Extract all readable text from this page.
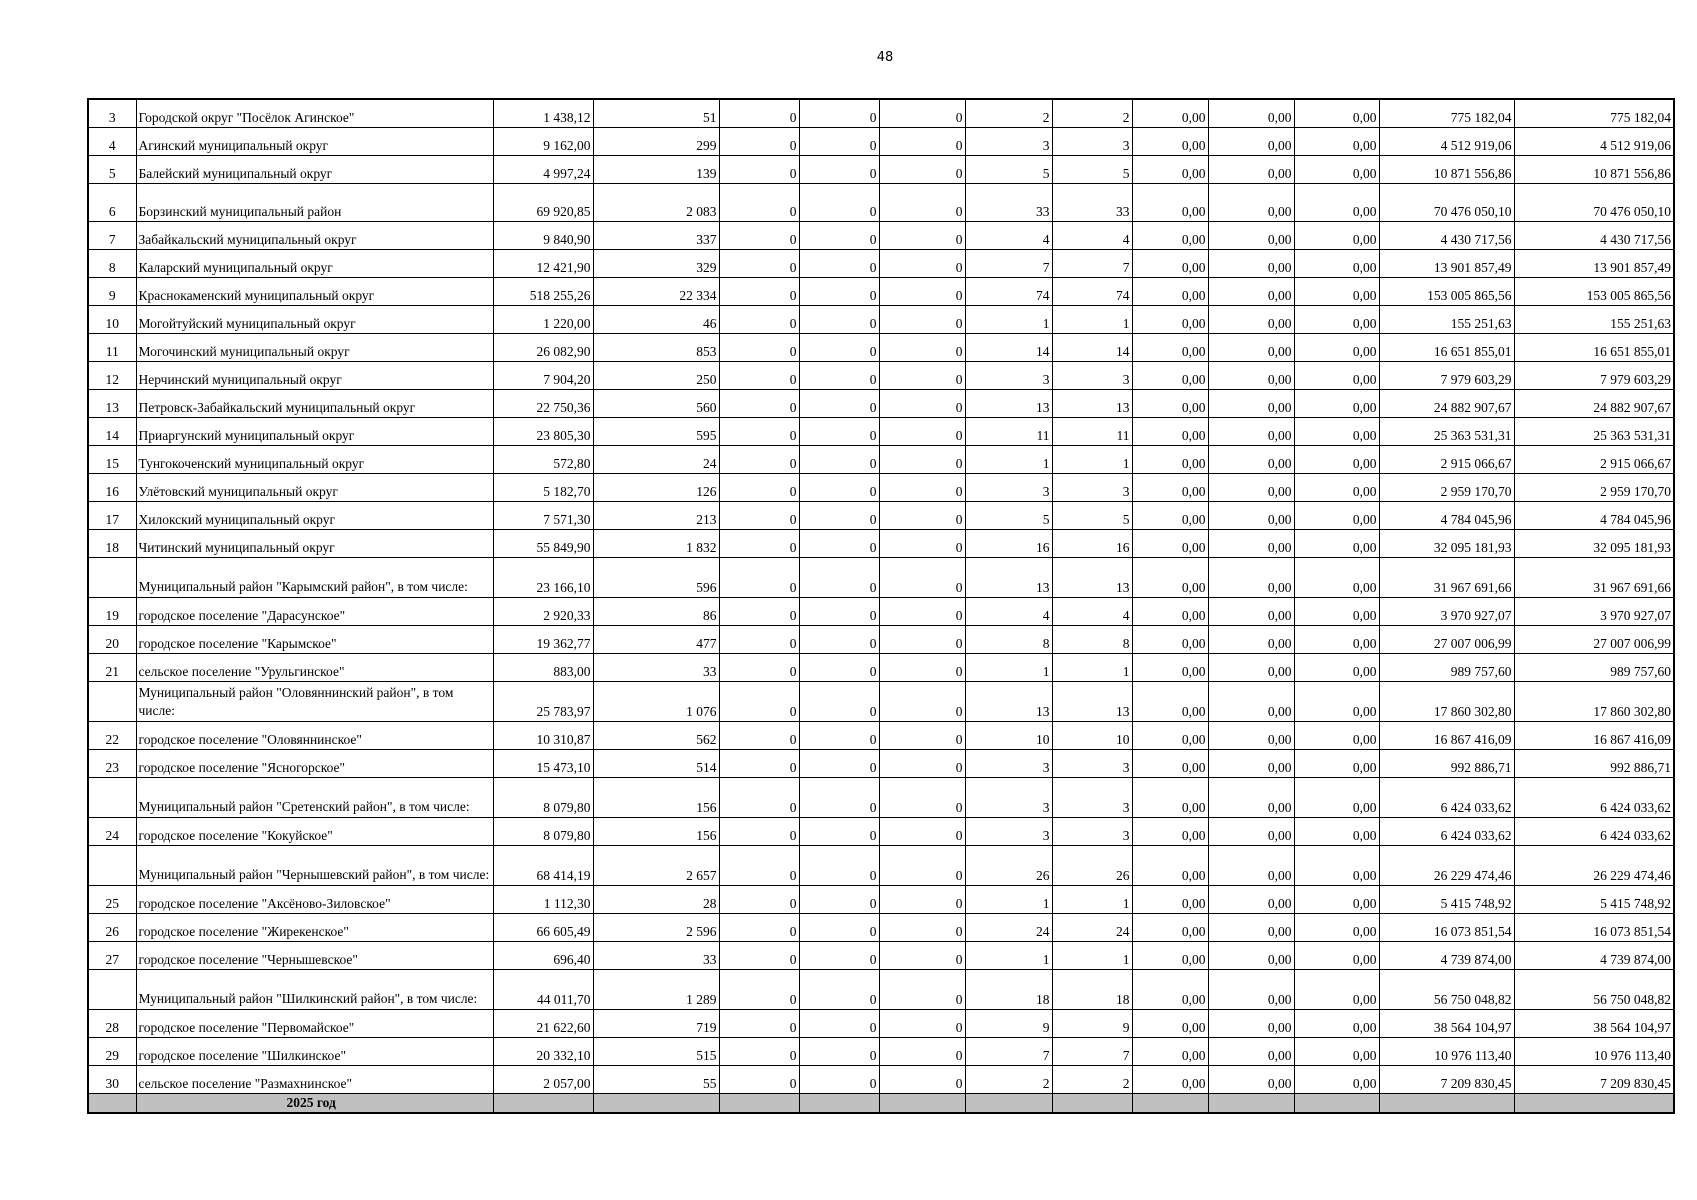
48
3	Городской округ "Посёлок Агинское"	1 438,12	51	0	0	0	2	2	0,00	0,00	0,00	775 182,04	775 182,04
4	Агинский муниципальный округ	9 162,00	299	0	0	0	3	3	0,00	0,00	0,00	4 512 919,06	4 512 919,06
5	Балейский муниципальный округ	4 997,24	139	0	0	0	5	5	0,00	0,00	0,00	10 871 556,86	10 871 556,86
6	Борзинский муниципальный район	69 920,85	2 083	0	0	0	33	33	0,00	0,00	0,00	70 476 050,10	70 476 050,10
7	Забайкальский муниципальный округ	9 840,90	337	0	0	0	4	4	0,00	0,00	0,00	4 430 717,56	4 430 717,56
8	Каларский муниципальный округ	12 421,90	329	0	0	0	7	7	0,00	0,00	0,00	13 901 857,49	13 901 857,49
9	Краснокаменский муниципальный округ	518 255,26	22 334	0	0	0	74	74	0,00	0,00	0,00	153 005 865,56	153 005 865,56
10	Могойтуйский муниципальный округ	1 220,00	46	0	0	0	1	1	0,00	0,00	0,00	155 251,63	155 251,63
11	Могочинский муниципальный округ	26 082,90	853	0	0	0	14	14	0,00	0,00	0,00	16 651 855,01	16 651 855,01
12	Нерчинский муниципальный округ	7 904,20	250	0	0	0	3	3	0,00	0,00	0,00	7 979 603,29	7 979 603,29
13	Петровск-Забайкальский муниципальный округ	22 750,36	560	0	0	0	13	13	0,00	0,00	0,00	24 882 907,67	24 882 907,67
14	Приаргунский муниципальный округ	23 805,30	595	0	0	0	11	11	0,00	0,00	0,00	25 363 531,31	25 363 531,31
15	Тунгокоченский муниципальный округ	572,80	24	0	0	0	1	1	0,00	0,00	0,00	2 915 066,67	2 915 066,67
16	Улётовский муниципальный округ	5 182,70	126	0	0	0	3	3	0,00	0,00	0,00	2 959 170,70	2 959 170,70
17	Хилокский муниципальный округ	7 571,30	213	0	0	0	5	5	0,00	0,00	0,00	4 784 045,96	4 784 045,96
18	Читинский муниципальный округ	55 849,90	1 832	0	0	0	16	16	0,00	0,00	0,00	32 095 181,93	32 095 181,93
	Муниципальный район "Карымский район", в том числе:	23 166,10	596	0	0	0	13	13	0,00	0,00	0,00	31 967 691,66	31 967 691,66
19	городское поселение "Дарасунское"	2 920,33	86	0	0	0	4	4	0,00	0,00	0,00	3 970 927,07	3 970 927,07
20	городское поселение "Карымское"	19 362,77	477	0	0	0	8	8	0,00	0,00	0,00	27 007 006,99	27 007 006,99
21	сельское поселение "Урульгинское"	883,00	33	0	0	0	1	1	0,00	0,00	0,00	989 757,60	989 757,60
	Муниципальный район "Оловяннинский район", в том числе:	25 783,97	1 076	0	0	0	13	13	0,00	0,00	0,00	17 860 302,80	17 860 302,80
22	городское поселение "Оловяннинское"	10 310,87	562	0	0	0	10	10	0,00	0,00	0,00	16 867 416,09	16 867 416,09
23	городское поселение "Ясногорское"	15 473,10	514	0	0	0	3	3	0,00	0,00	0,00	992 886,71	992 886,71
	Муниципальный район "Сретенский район", в том числе:	8 079,80	156	0	0	0	3	3	0,00	0,00	0,00	6 424 033,62	6 424 033,62
24	городское поселение "Кокуйское"	8 079,80	156	0	0	0	3	3	0,00	0,00	0,00	6 424 033,62	6 424 033,62
	Муниципальный район "Чернышевский район", в том числе:	68 414,19	2 657	0	0	0	26	26	0,00	0,00	0,00	26 229 474,46	26 229 474,46
25	городское поселение "Аксёново-Зиловское"	1 112,30	28	0	0	0	1	1	0,00	0,00	0,00	5 415 748,92	5 415 748,92
26	городское поселение "Жирекенское"	66 605,49	2 596	0	0	0	24	24	0,00	0,00	0,00	16 073 851,54	16 073 851,54
27	городское поселение "Чернышевское"	696,40	33	0	0	0	1	1	0,00	0,00	0,00	4 739 874,00	4 739 874,00
	Муниципальный район "Шилкинский район", в том числе:	44 011,70	1 289	0	0	0	18	18	0,00	0,00	0,00	56 750 048,82	56 750 048,82
28	городское поселение "Первомайское"	21 622,60	719	0	0	0	9	9	0,00	0,00	0,00	38 564 104,97	38 564 104,97
29	городское поселение "Шилкинское"	20 332,10	515	0	0	0	7	7	0,00	0,00	0,00	10 976 113,40	10 976 113,40
30	сельское поселение "Размахнинское"	2 057,00	55	0	0	0	2	2	0,00	0,00	0,00	7 209 830,45	7 209 830,45
	2025 год												
